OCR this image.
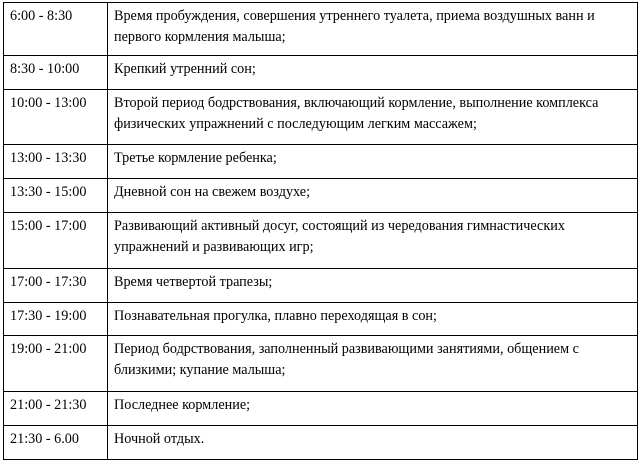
6:00 - 8:30	Время пробуждения, совершения утреннего туалета, приема воздушных ванн и первого кормления малыша;
8:30 - 10:00	Крепкий утренний сон;
10:00 - 13:00	Второй период бодрствования, включающий кормление, выполнение комплекса физических упражнений с последующим легким массажем;
13:00 - 13:30	Третье кормление ребенка;
13:30 - 15:00	Дневной сон на свежем воздухе;
15:00 - 17:00	Развивающий активный досуг, состоящий из чередования гимнастических упражнений и развивающих игр;
17:00 - 17:30	Время четвертой трапезы;
17:30 - 19:00	Познавательная прогулка, плавно переходящая в сон;
19:00 - 21:00	Период бодрствования, заполненный развивающими занятиями, общением с близкими; купание малыша;
21:00 - 21:30	Последнее кормление;
21:30 - 6.00	Ночной отдых.
